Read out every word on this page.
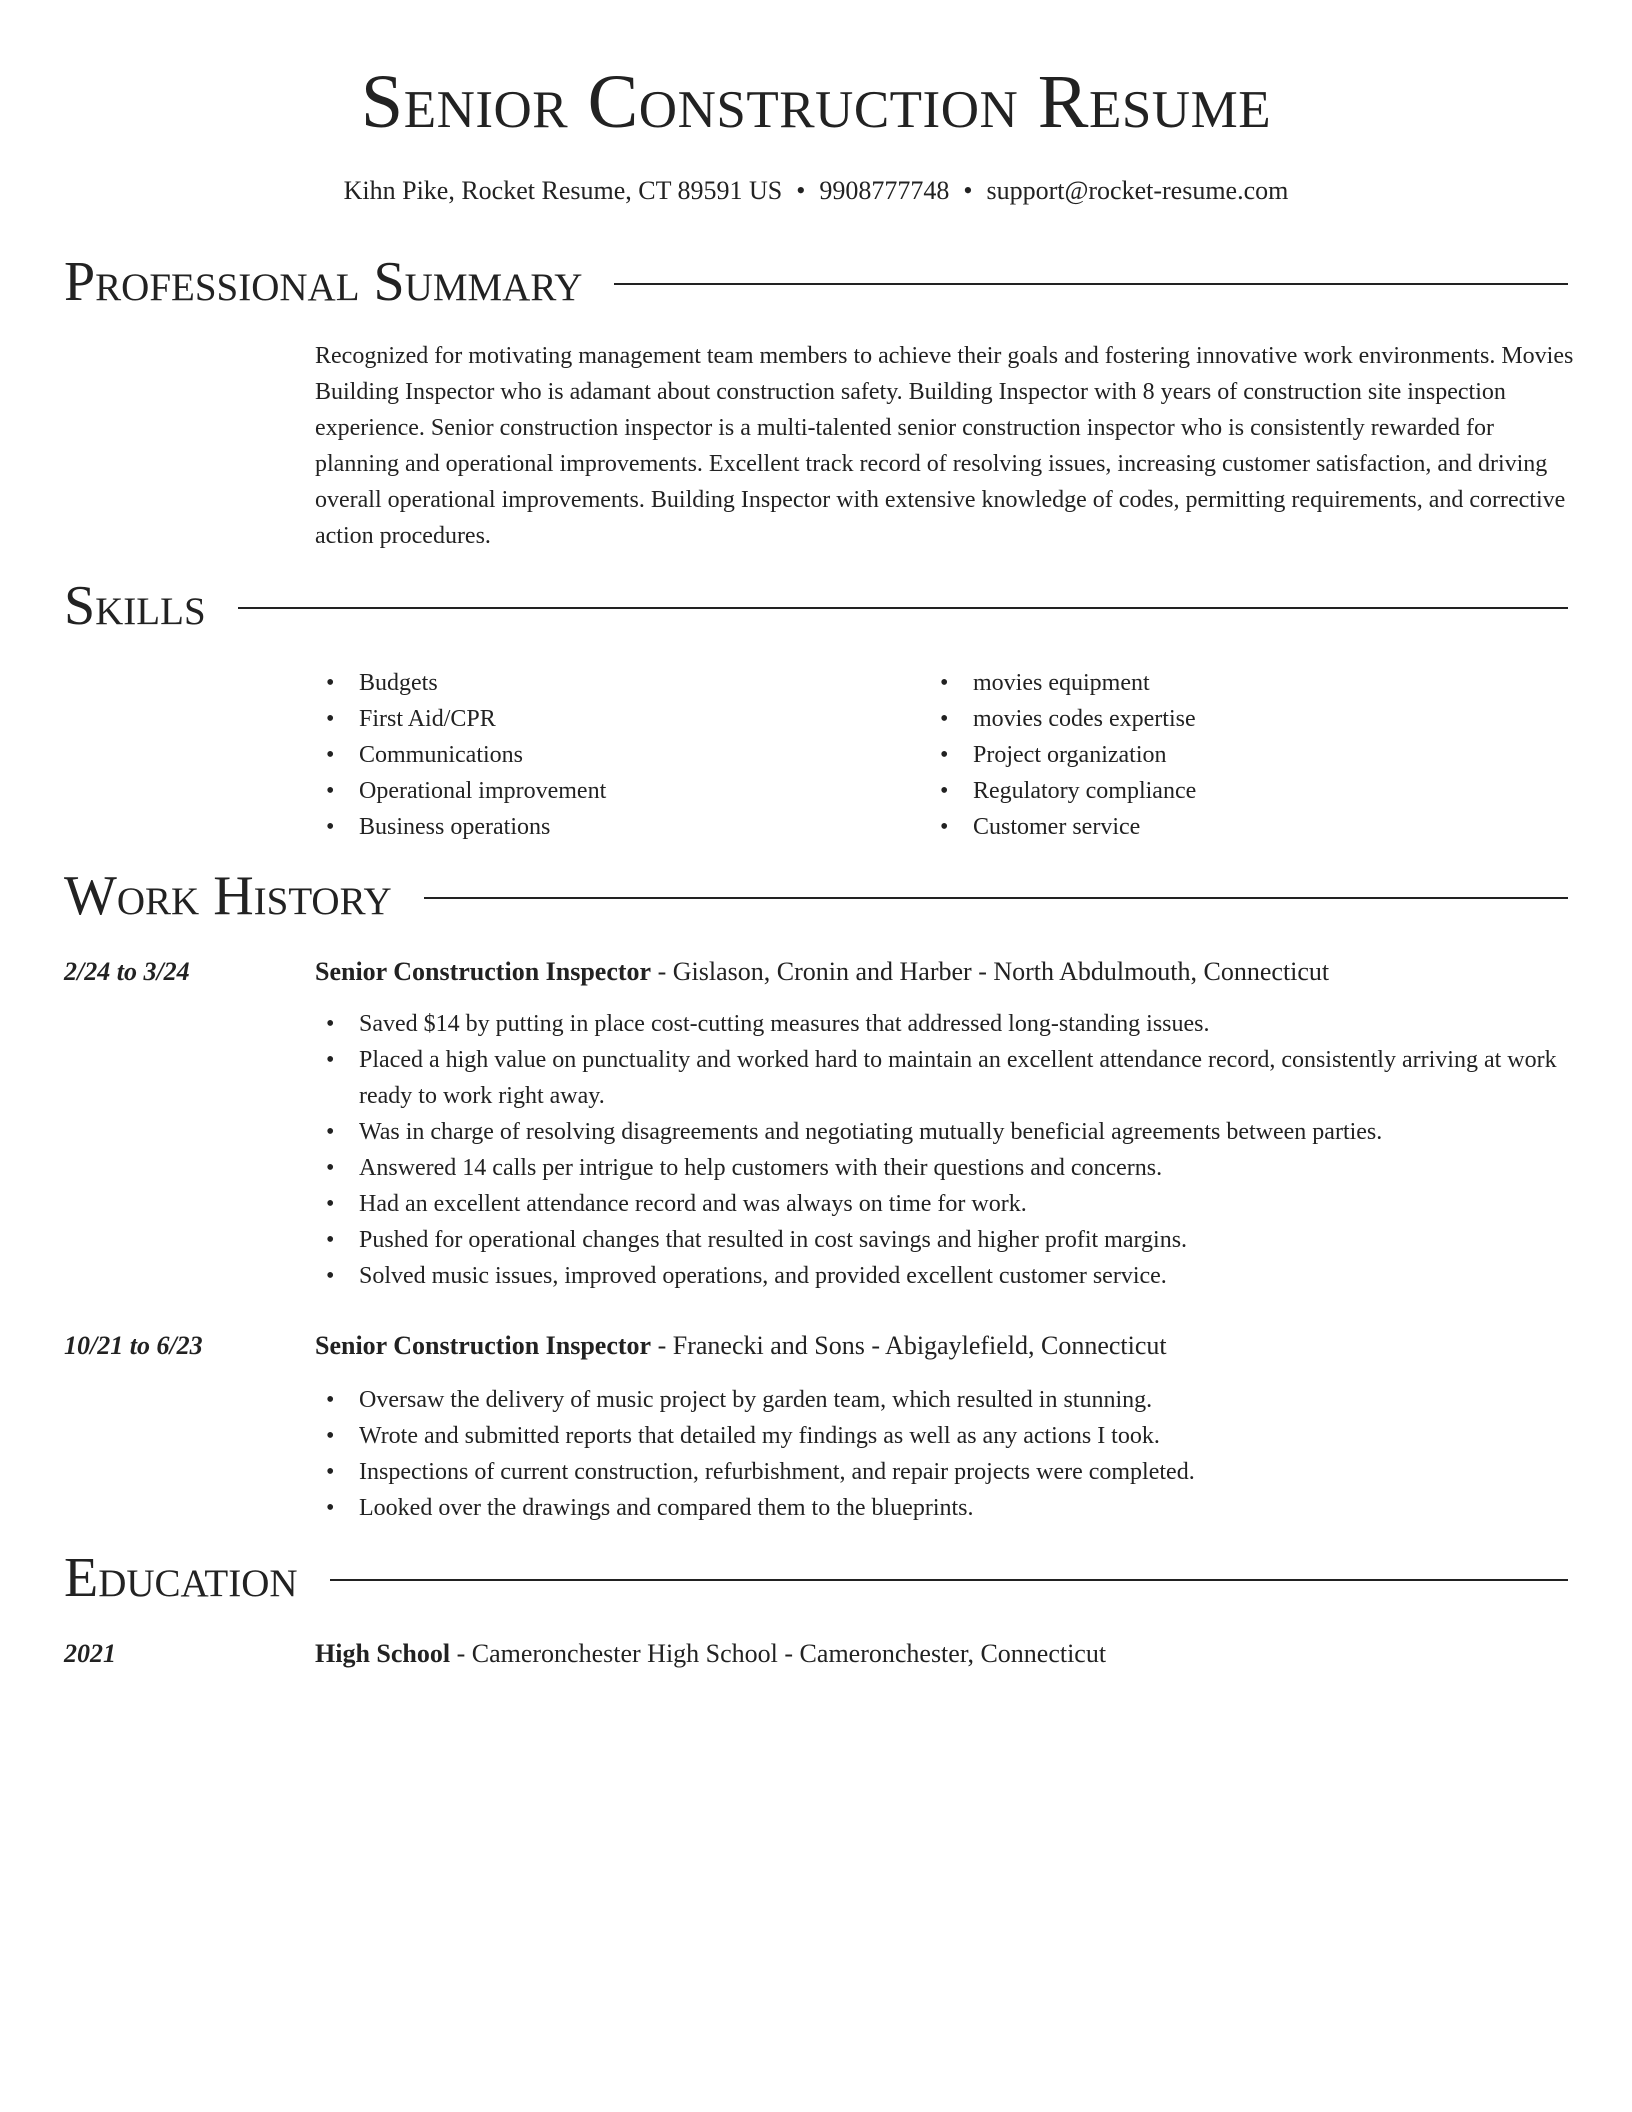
Senior Construction Resume
Kihn Pike, Rocket Resume, CT 89591 US • 9908777748 • support@rocket-resume.com
Professional Summary
Recognized for motivating management team members to achieve their goals and fostering innovative work environments. Movies Building Inspector who is adamant about construction safety. Building Inspector with 8 years of construction site inspection experience. Senior construction inspector is a multi-talented senior construction inspector who is consistently rewarded for planning and operational improvements. Excellent track record of resolving issues, increasing customer satisfaction, and driving overall operational improvements. Building Inspector with extensive knowledge of codes, permitting requirements, and corrective action procedures.
Skills
• Budgets
• First Aid/CPR
• Communications
• Operational improvement
• Business operations
• movies equipment
• movies codes expertise
• Project organization
• Regulatory compliance
• Customer service
Work History
2/24 to 3/24	Senior Construction Inspector - Gislason, Cronin and Harber - North Abdulmouth, Connecticut
• Saved $14 by putting in place cost-cutting measures that addressed long-standing issues.
• Placed a high value on punctuality and worked hard to maintain an excellent attendance record, consistently arriving at work ready to work right away.
• Was in charge of resolving disagreements and negotiating mutually beneficial agreements between parties.
• Answered 14 calls per intrigue to help customers with their questions and concerns.
• Had an excellent attendance record and was always on time for work.
• Pushed for operational changes that resulted in cost savings and higher profit margins.
• Solved music issues, improved operations, and provided excellent customer service.
10/21 to 6/23	Senior Construction Inspector - Franecki and Sons - Abigaylefield, Connecticut
• Oversaw the delivery of music project by garden team, which resulted in stunning.
• Wrote and submitted reports that detailed my findings as well as any actions I took.
• Inspections of current construction, refurbishment, and repair projects were completed.
• Looked over the drawings and compared them to the blueprints.
Education
2021	High School - Cameronchester High School - Cameronchester, Connecticut
